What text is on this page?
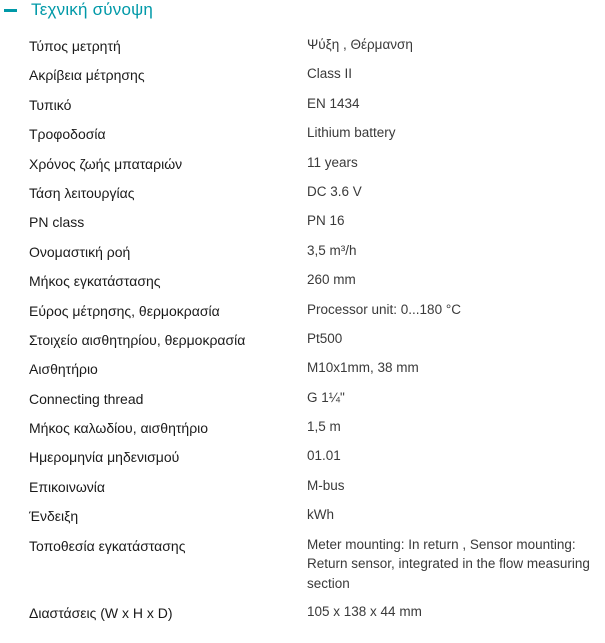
Τεχνική σύνοψη
Τύπος μετρητή	Ψύξη , Θέρμανση
Ακρίβεια μέτρησης	Class II
Τυπικό	EN 1434
Τροφοδοσία	Lithium battery
Χρόνος ζωής μπαταριών	11 years
Τάση λειτουργίας	DC 3.6 V
PN class	PN 16
Ονομαστική ροή	3,5 m³/h
Μήκος εγκατάστασης	260 mm
Εύρος μέτρησης, θερμοκρασία	Processor unit: 0...180 °C
Στοιχείο αισθητηρίου, θερμοκρασία	Pt500
Αισθητήριο	M10x1mm, 38 mm
Connecting thread	G 1¼"
Μήκος καλωδίου, αισθητήριο	1,5 m
Ημερομηνία μηδενισμού	01.01
Επικοινωνία	M-bus
Ένδειξη	kWh
Τοποθεσία εγκατάστασης	Meter mounting: In return , Sensor mounting: Return sensor, integrated in the flow measuring section
Διαστάσεις (W x H x D)	105 x 138 x 44 mm
